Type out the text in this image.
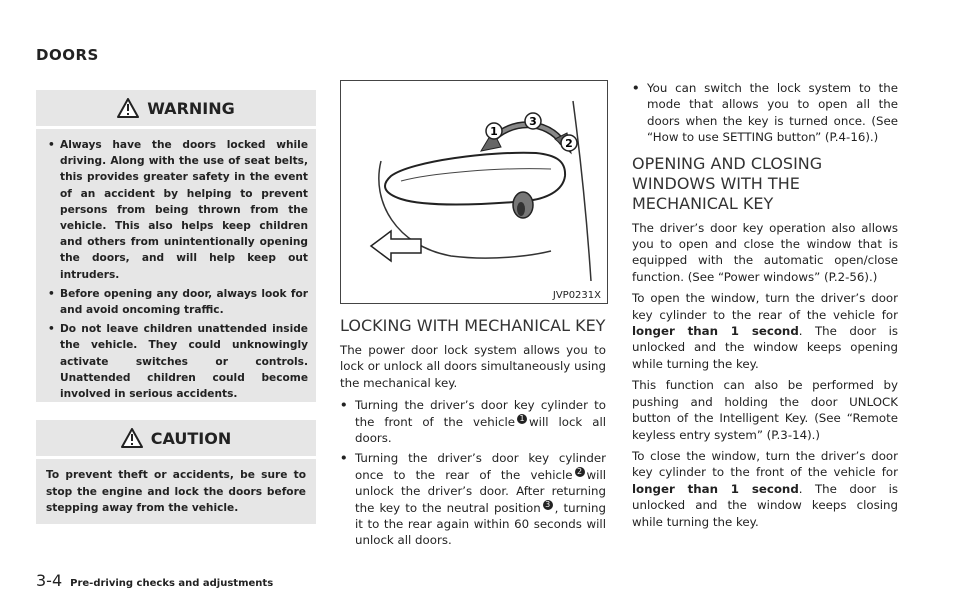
DOORS
WARNING
• Always have the doors locked while driving. Along with the use of seat belts, this provides greater safety in the event of an accident by helping to prevent persons from being thrown from the vehicle. This also helps keep children and others from unintentionally opening the doors, and will help keep out intruders.
• Before opening any door, always look for and avoid oncoming traffic.
• Do not leave children unattended inside the vehicle. They could unknowingly activate switches or controls. Unattended children could become involved in serious accidents.
CAUTION
To prevent theft or accidents, be sure to stop the engine and lock the doors before stepping away from the vehicle.
1
3
2
JVP0231X
LOCKING WITH MECHANICAL KEY
The power door lock system allows you to lock or unlock all doors simultaneously using the mechanical key.
• Turning the driver’s door key cylinder to the front of the vehicle 1 will lock all doors.
• Turning the driver’s door key cylinder once to the rear of the vehicle 2 will unlock the driver’s door. After returning the key to the neutral position 3 , turning it to the rear again within 60 seconds will unlock all doors.
• You can switch the lock system to the mode that allows you to open all the doors when the key is turned once. (See “How to use SETTING button” (P.4-16).)
OPENING AND CLOSING WINDOWS WITH THE MECHANICAL KEY
The driver’s door key operation also allows you to open and close the window that is equipped with the automatic open/close function. (See “Power windows” (P.2-56).)
To open the window, turn the driver’s door key cylinder to the rear of the vehicle for longer than 1 second. The door is unlocked and the window keeps opening while turning the key.
This function can also be performed by pushing and holding the door UNLOCK button of the Intelligent Key. (See “Remote keyless entry system” (P.3-14).)
To close the window, turn the driver’s door key cylinder to the front of the vehicle for longer than 1 second. The door is unlocked and the window keeps closing while turning the key.
3-4 Pre-driving checks and adjustments
